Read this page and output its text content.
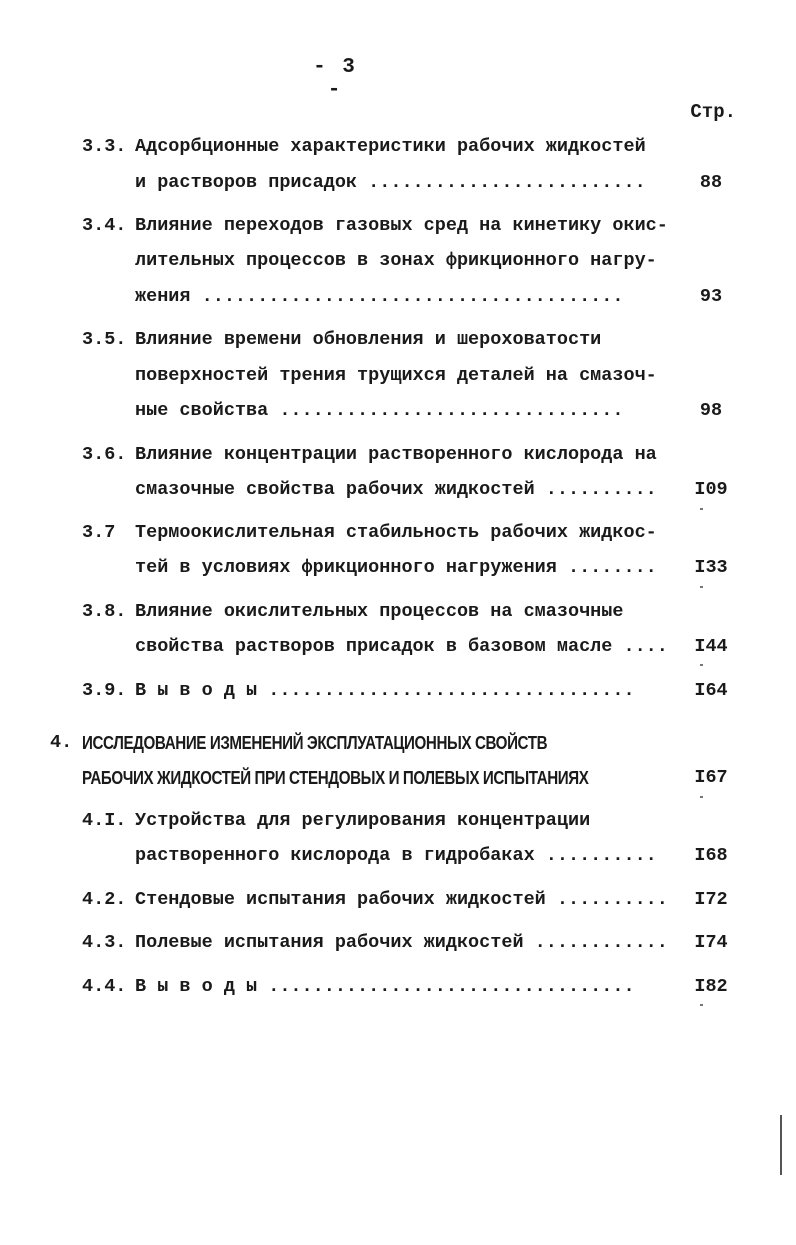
- 3 -
Стр.
3.3. Адсорбционные характеристики рабочих жидкостей
и растворов присадок .........................	88
3.4. Влияние переходов газовых сред на кинетику окис-
лительных процессов в зонах фрикционного нагру-
жения ......................................	93
3.5. Влияние времени обновления и шероховатости
поверхностей трения трущихся деталей на смазоч-
ные свойства ...............................	98
3.6. Влияние концентрации растворенного кислорода на
смазочные свойства рабочих жидкостей ..........	I09
3.7 Термоокислительная стабильность рабочих жидкос-
тей в условиях фрикционного нагружения ........	I33
3.8. Влияние окислительных процессов на смазочные
свойства растворов присадок в базовом масле ....	I44
3.9. В ы в о д ы .................................	I64
4. ИССЛЕДОВАНИЕ ИЗМЕНЕНИЙ ЭКСПЛУАТАЦИОННЫХ СВОЙСТВ
РАБОЧИХ ЖИДКОСТЕЙ ПРИ СТЕНДОВЫХ И ПОЛЕВЫХ ИСПЫТАНИЯХ	I67
4.I. Устройства для регулирования концентрации
растворенного кислорода в гидробаках ..........	I68
4.2. Стендовые испытания рабочих жидкостей ..........	I72
4.3. Полевые испытания рабочих жидкостей ............	I74
4.4. В ы в о д ы .................................	I82
